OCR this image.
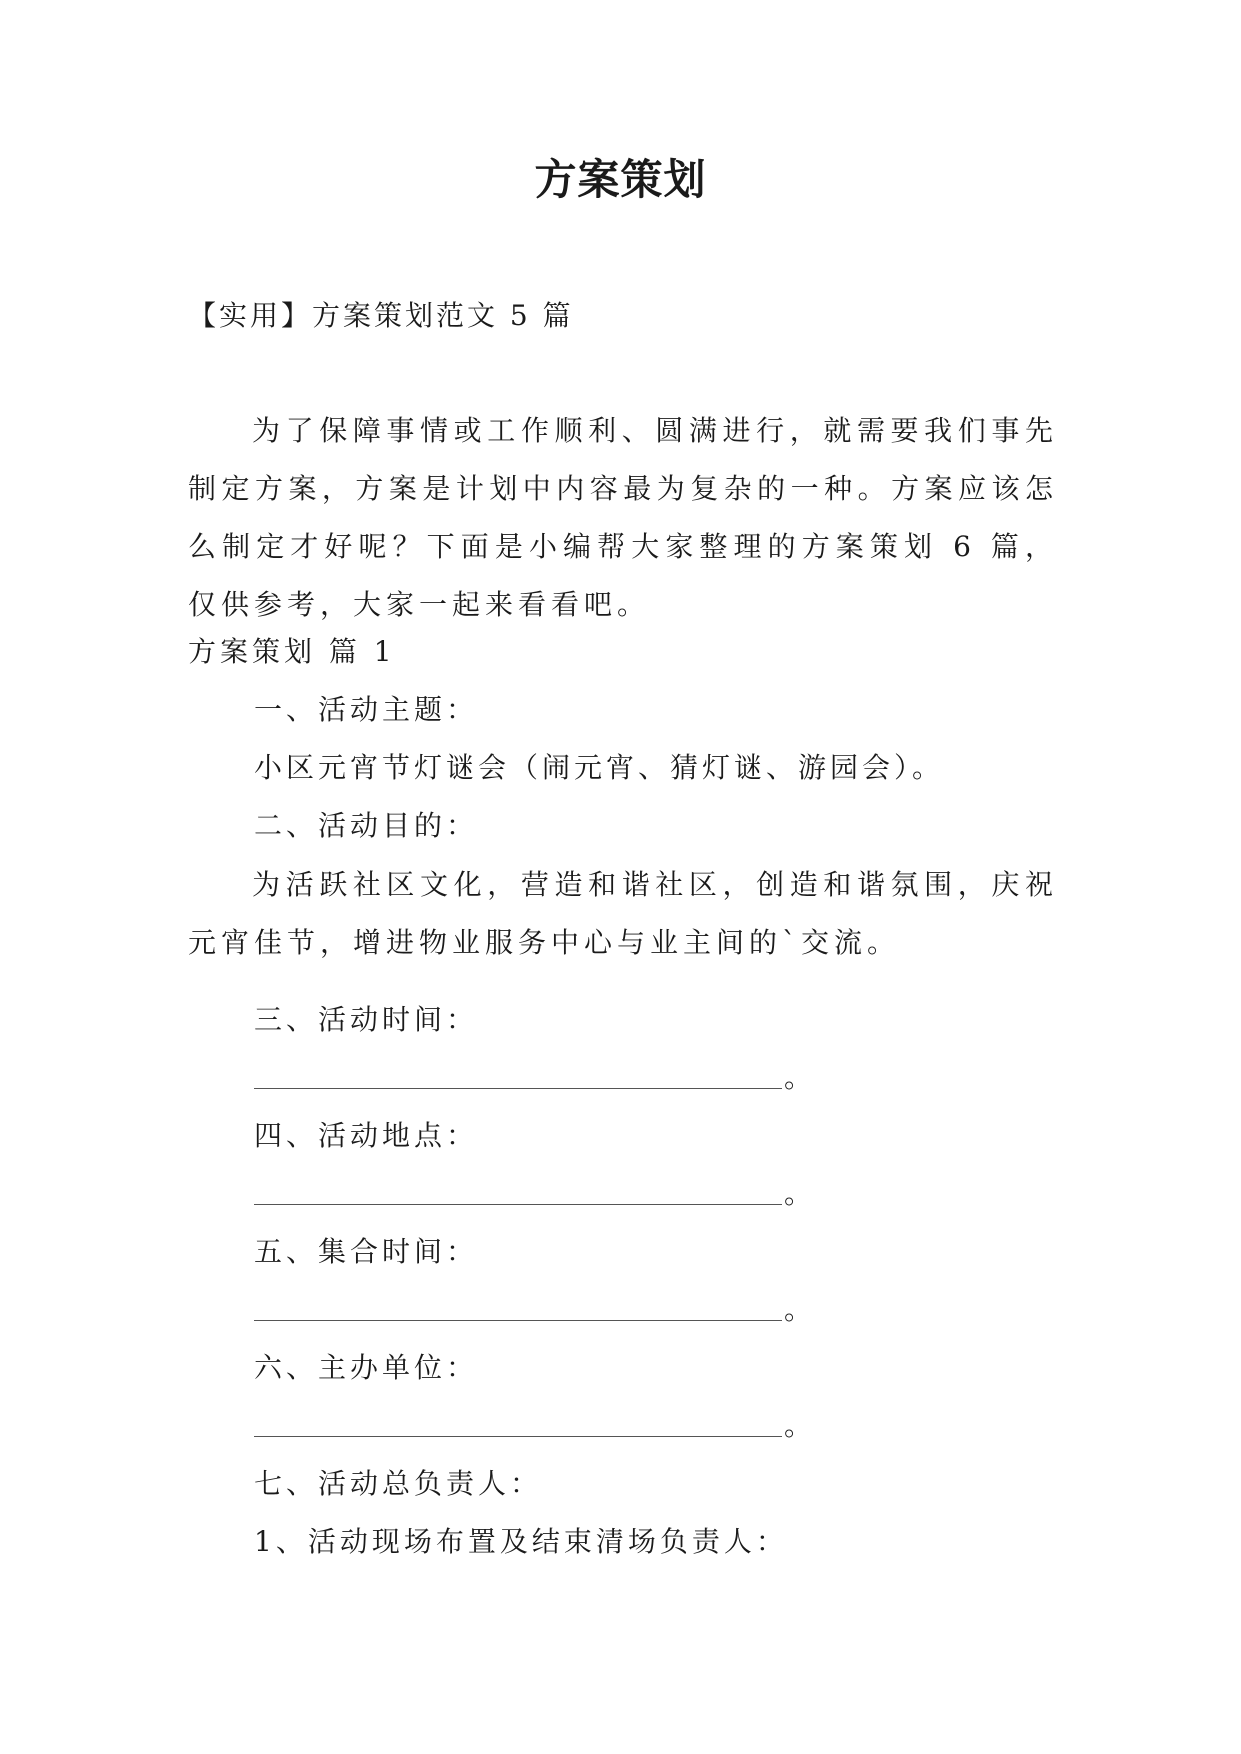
方案策划

【实用】方案策划范文 5 篇

为了保障事情或工作顺利、圆满进行，就需要我们事先制定方案，方案是计划中内容最为复杂的一种。方案应该怎么制定才好呢？下面是小编帮大家整理的方案策划 6 篇，仅供参考，大家一起来看看吧。

方案策划 篇 1

一、活动主题：

小区元宵节灯谜会（闹元宵、猜灯谜、游园会）。

二、活动目的：

为活跃社区文化，营造和谐社区，创造和谐氛围，庆祝元宵佳节，增进物业服务中心与业主间的`交流。

三、活动时间：

。

四、活动地点：

。

五、集合时间：

。

六、主办单位：

。

七、活动总负责人：

1、活动现场布置及结束清场负责人：
